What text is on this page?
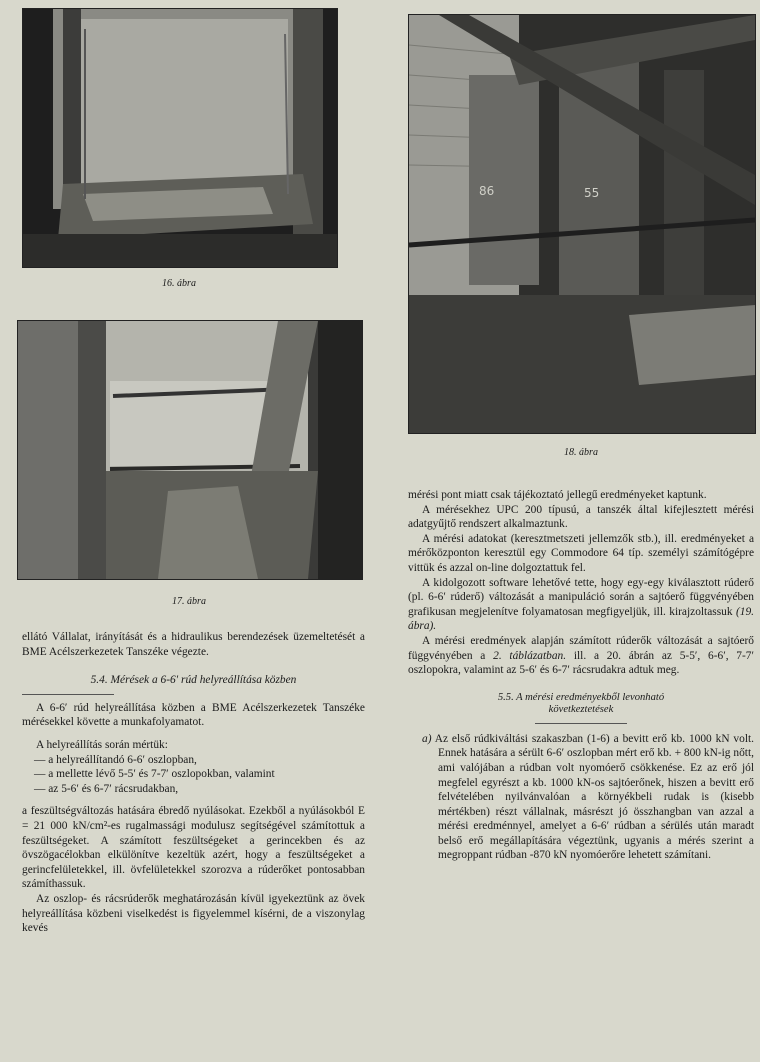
16. ábra
17. ábra
86	55
18. ábra

ellátó Vállalat, irányítását és a hidraulikus berendezések üzemeltetését a BME Acélszerkezetek Tanszéke végezte.

5.4. Mérések a 6-6′ rúd helyreállítása közben

A 6-6′ rúd helyreállítása közben a BME Acélszerkezetek Tanszéke mérésekkel követte a munkafolyamatot.

A helyreállítás során mértük:

— a helyreállítandó 6-6′ oszlopban,

— a mellette lévő 5-5′ és 7-7′ oszlopokban, valamint

— az 5-6′ és 6-7′ rácsrudakban,

a feszültségváltozás hatására ébredő nyúlásokat. Ezekből a nyúlásokból E = 21 000 kN/cm²-es rugalmassági modulusz segítségével számítottuk a feszültségeket. A számított feszültségeket a gerincekben és az övszögacélokban elkülönítve kezeltük azért, hogy a feszültségeket a gerincfelületekkel, ill. övfelületekkel szorozva a rúderőket pontosabban számíthassuk.

Az oszlop- és rácsrúderők meghatározásán kívül igyekeztünk az övek helyreállítása közbeni viselkedést is figyelemmel kísérni, de a viszonylag kevés

mérési pont miatt csak tájékoztató jellegű eredményeket kaptunk.

A mérésekhez UPC 200 típusú, a tanszék által kifejlesztett mérési adatgyűjtő rendszert alkalmaztunk.

A mérési adatokat (keresztmetszeti jellemzők stb.), ill. eredményeket a mérőközponton keresztül egy Commodore 64 típ. személyi számítógépre vittük és azzal on-line dolgoztattuk fel.

A kidolgozott software lehetővé tette, hogy egy-egy kiválasztott rúderő (pl. 6-6′ rúderő) változását a manipuláció során a sajtóerő függvényében grafikusan megjelenítve folyamatosan megfigyeljük, ill. kirajzoltassuk (19. ábra).

A mérési eredmények alapján számított rúderők változását a sajtóerő függvényében a 2. táblázatban. ill. a 20. ábrán az 5-5′, 6-6′, 7-7′ oszlopokra, valamint az 5-6′ és 6-7′ rácsrudakra adtuk meg.

5.5. A mérési eredményekből levonható

következtetések

a) Az első rúdkiváltási szakaszban (1-6) a bevitt erő kb. 1000 kN volt. Ennek hatására a sérült 6-6′ oszlopban mért erő kb. + 800 kN-ig nőtt, ami valójában a rúdban volt nyomóerő csökkenése. Ez az erő jól megfelel egyrészt a kb. 1000 kN-os sajtóerőnek, hiszen a bevitt erő felvételében nyilvánvalóan a környékbeli rudak is (kisebb mértékben) részt vállalnak, másrészt jó összhangban van azzal a mérési eredménnyel, amelyet a 6-6′ rúdban a sérülés után maradt belső erő megállapítására végeztünk, ugyanis a mérés szerint a megroppant rúdban -870 kN nyomóerőre lehetett számítani.
